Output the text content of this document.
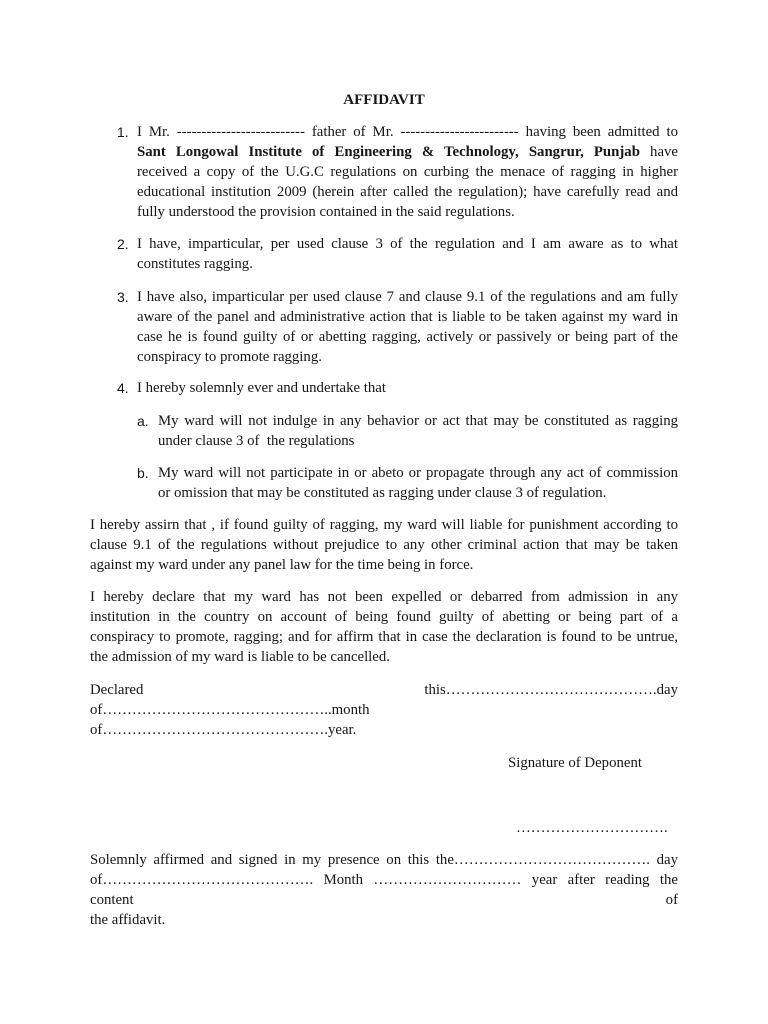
AFFIDAVIT
1. I Mr. -------------------------- father of Mr. ------------------------ having been admitted to
Sant Longowal Institute of Engineering & Technology, Sangrur, Punjab have
received a copy of the U.G.C regulations on curbing the menace of ragging in higher
educational institution 2009 (herein after called the regulation); have carefully read and
fully understood the provision contained in the said regulations.
2. I have, imparticular, per used clause 3 of the regulation and I am aware as to what
constitutes ragging.
3. I have also, imparticular per used clause 7 and clause 9.1 of the regulations and am fully
aware of the panel and administrative action that is liable to be taken against my ward in
case he is found guilty of or abetting ragging, actively or passively or being part of the
conspiracy to promote ragging.
4. I hereby solemnly ever and undertake that
a. My ward will not indulge in any behavior or act that may be constituted as ragging
under clause 3 of  the regulations
b. My ward will not participate in or abeto or propagate through any act of commission
or omission that may be constituted as ragging under clause 3 of regulation.
I hereby assirn that , if found guilty of ragging, my ward will liable for punishment according to
clause 9.1 of the regulations without prejudice to any other criminal action that may be taken
against my ward under any panel law for the time being in force.
I hereby declare that my ward has not been expelled or debarred from admission in any
institution in the country on account of being found guilty of abetting or being part of a
conspiracy to promote, ragging; and for affirm that in case the declaration is found to be untrue,
the admission of my ward is liable to be cancelled.
Declared this…………………………………….day of………………………………………..month
of……………………………………….year.
Signature of Deponent
………………………….
Solemnly affirmed and signed in my presence on this the…………………………………. day
of……………………………………. Month ………………………… year after reading the content of
the affidavit.
